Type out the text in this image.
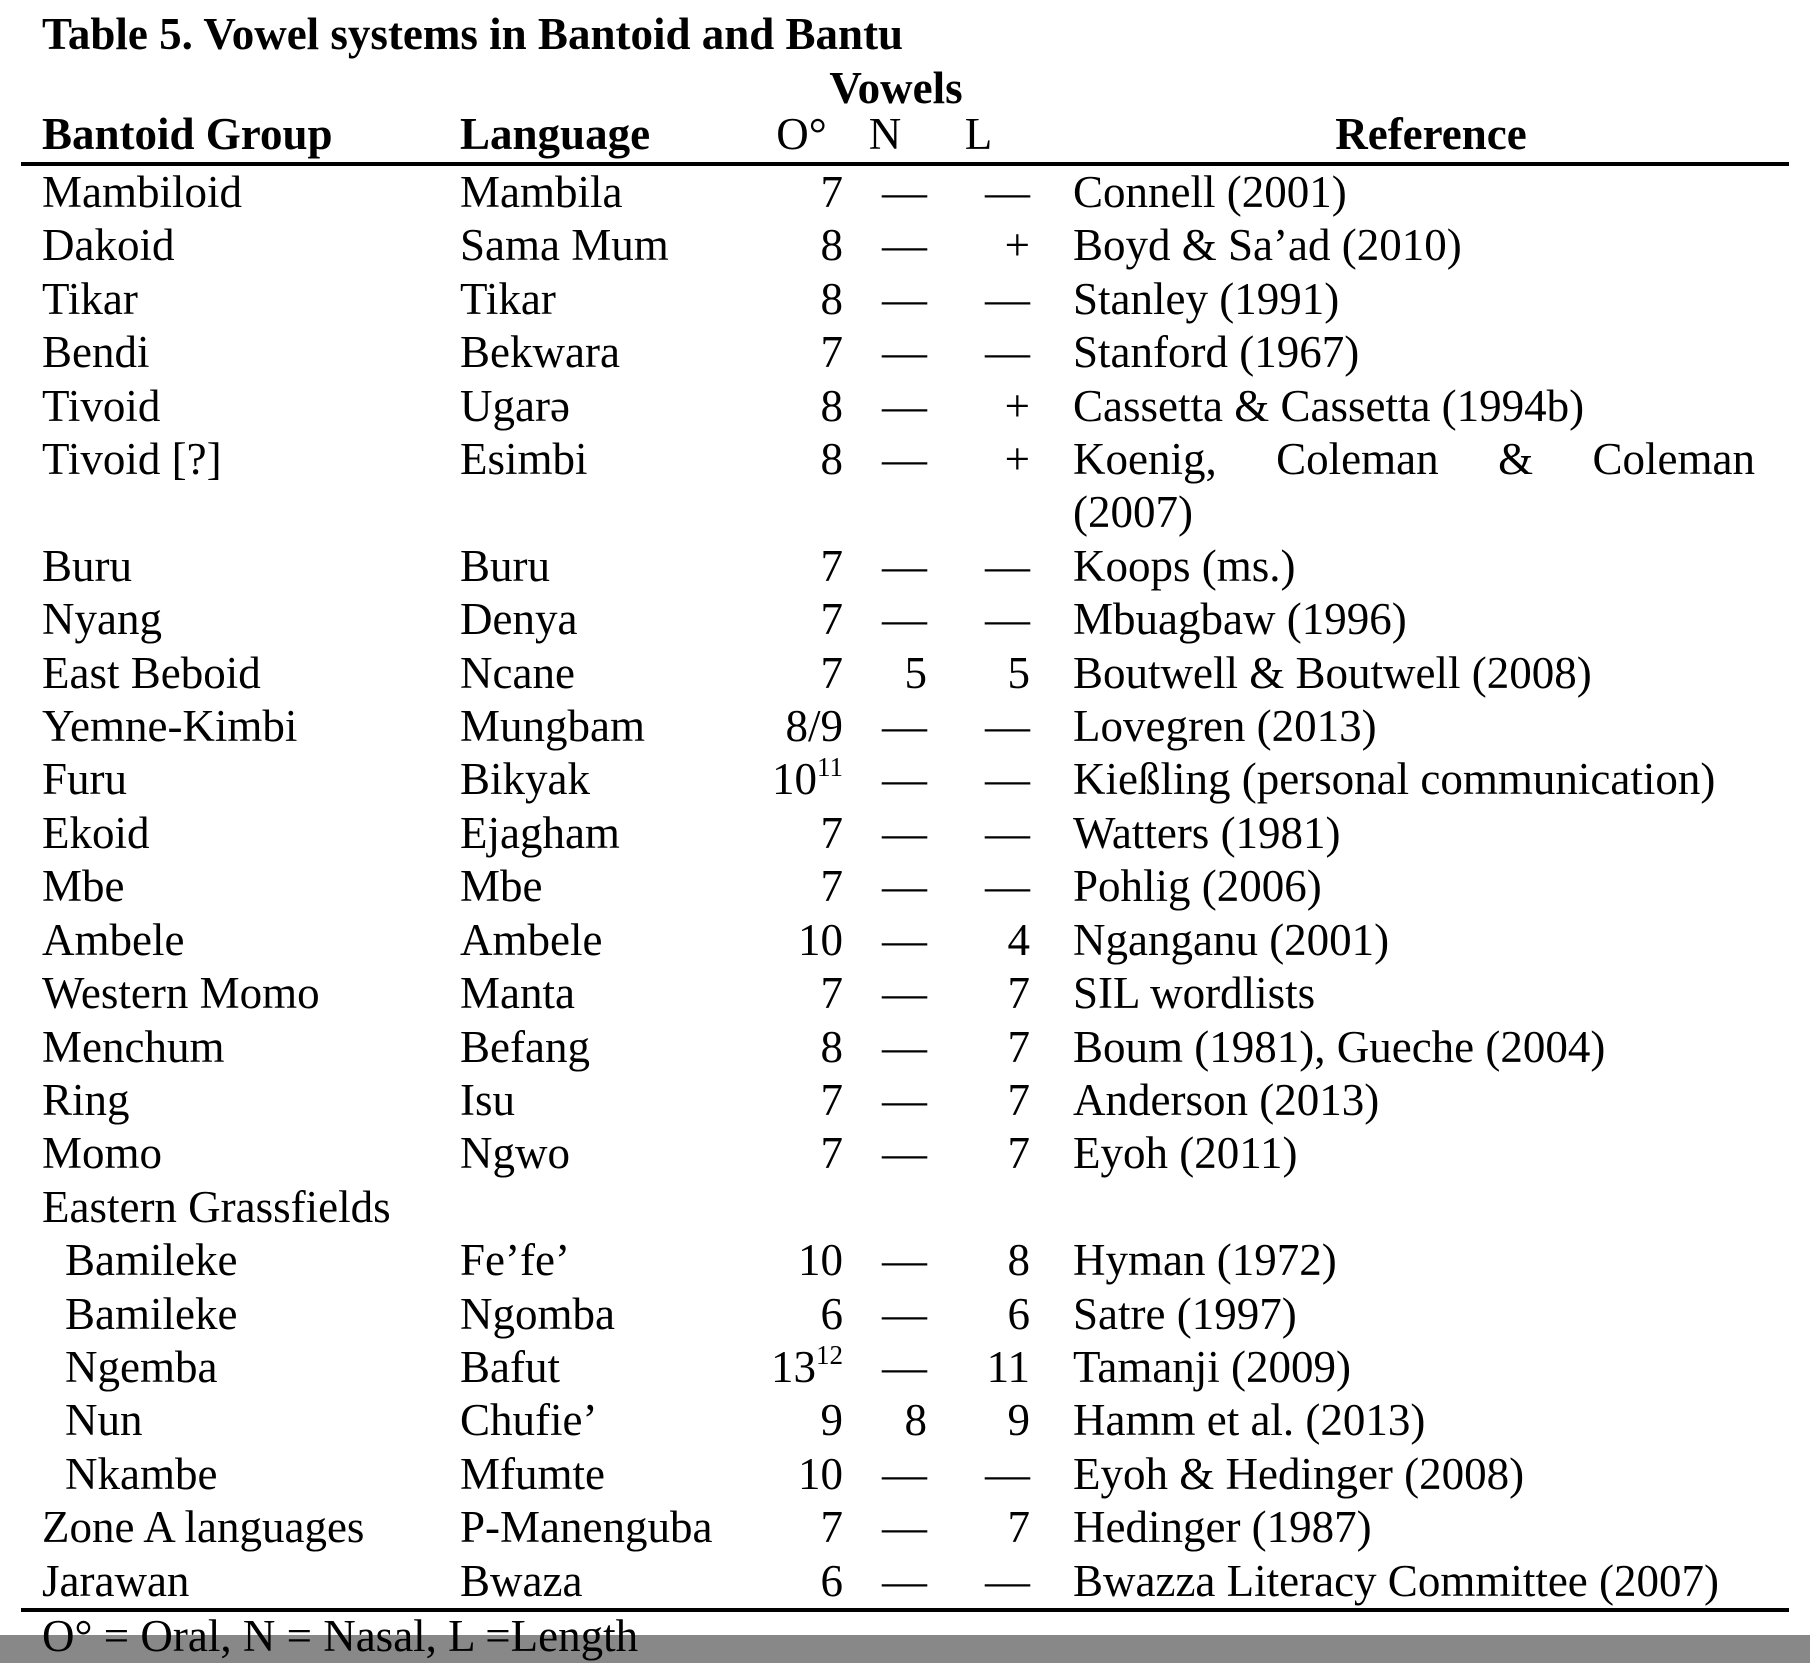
Table 5. Vowel systems in Bantoid and Bantu
Vowels
Bantoid Group	Language	O°	N	L	Reference
Mambiloid	Mambila	7	—	—	Connell (2001)
Dakoid	Sama Mum	8	—	+	Boyd & Sa’ad (2010)
Tikar	Tikar	8	—	—	Stanley (1991)
Bendi	Bekwara	7	—	—	Stanford (1967)
Tivoid	Ugarə	8	—	+	Cassetta & Cassetta (1994b)
Tivoid [?]	Esimbi	8	—	+	Koenig, Coleman & Coleman
(2007)

Buru	Buru	7	—	—	Koops (ms.)
Nyang	Denya	7	—	—	Mbuagbaw (1996)
East Beboid	Ncane	7	5	5	Boutwell & Boutwell (2008)
Yemne-Kimbi	Mungbam	8/9	—	—	Lovegren (2013)
Furu	Bikyak	$10^{11}$	—	—	Kießling (personal communication)
Ekoid	Ejagham	7	—	—	Watters (1981)
Mbe	Mbe	7	—	—	Pohlig (2006)
Ambele	Ambele	10	—	4	Nganganu (2001)
Western Momo	Manta	7	—	7	SIL wordlists
Menchum	Befang	8	—	7	Boum (1981), Gueche (2004)
Ring	Isu	7	—	7	Anderson (2013)
Momo	Ngwo	7	—	7	Eyoh (2011)
Eastern Grassfields					
Bamileke	Fe’fe’	10	—	8	Hyman (1972)
Bamileke	Ngomba	6	—	6	Satre (1997)
Ngemba	Bafut	$13^{12}$	—	11	Tamanji (2009)
Nun	Chufie’	9	8	9	Hamm et al. (2013)
Nkambe	Mfumte	10	—	—	Eyoh & Hedinger (2008)
Zone A languages	P-Manenguba	7	—	7	Hedinger (1987)
Jarawan	Bwaza	6	—	—	Bwazza Literacy Committee (2007)
O° = Oral, N = Nasal, L =Length
